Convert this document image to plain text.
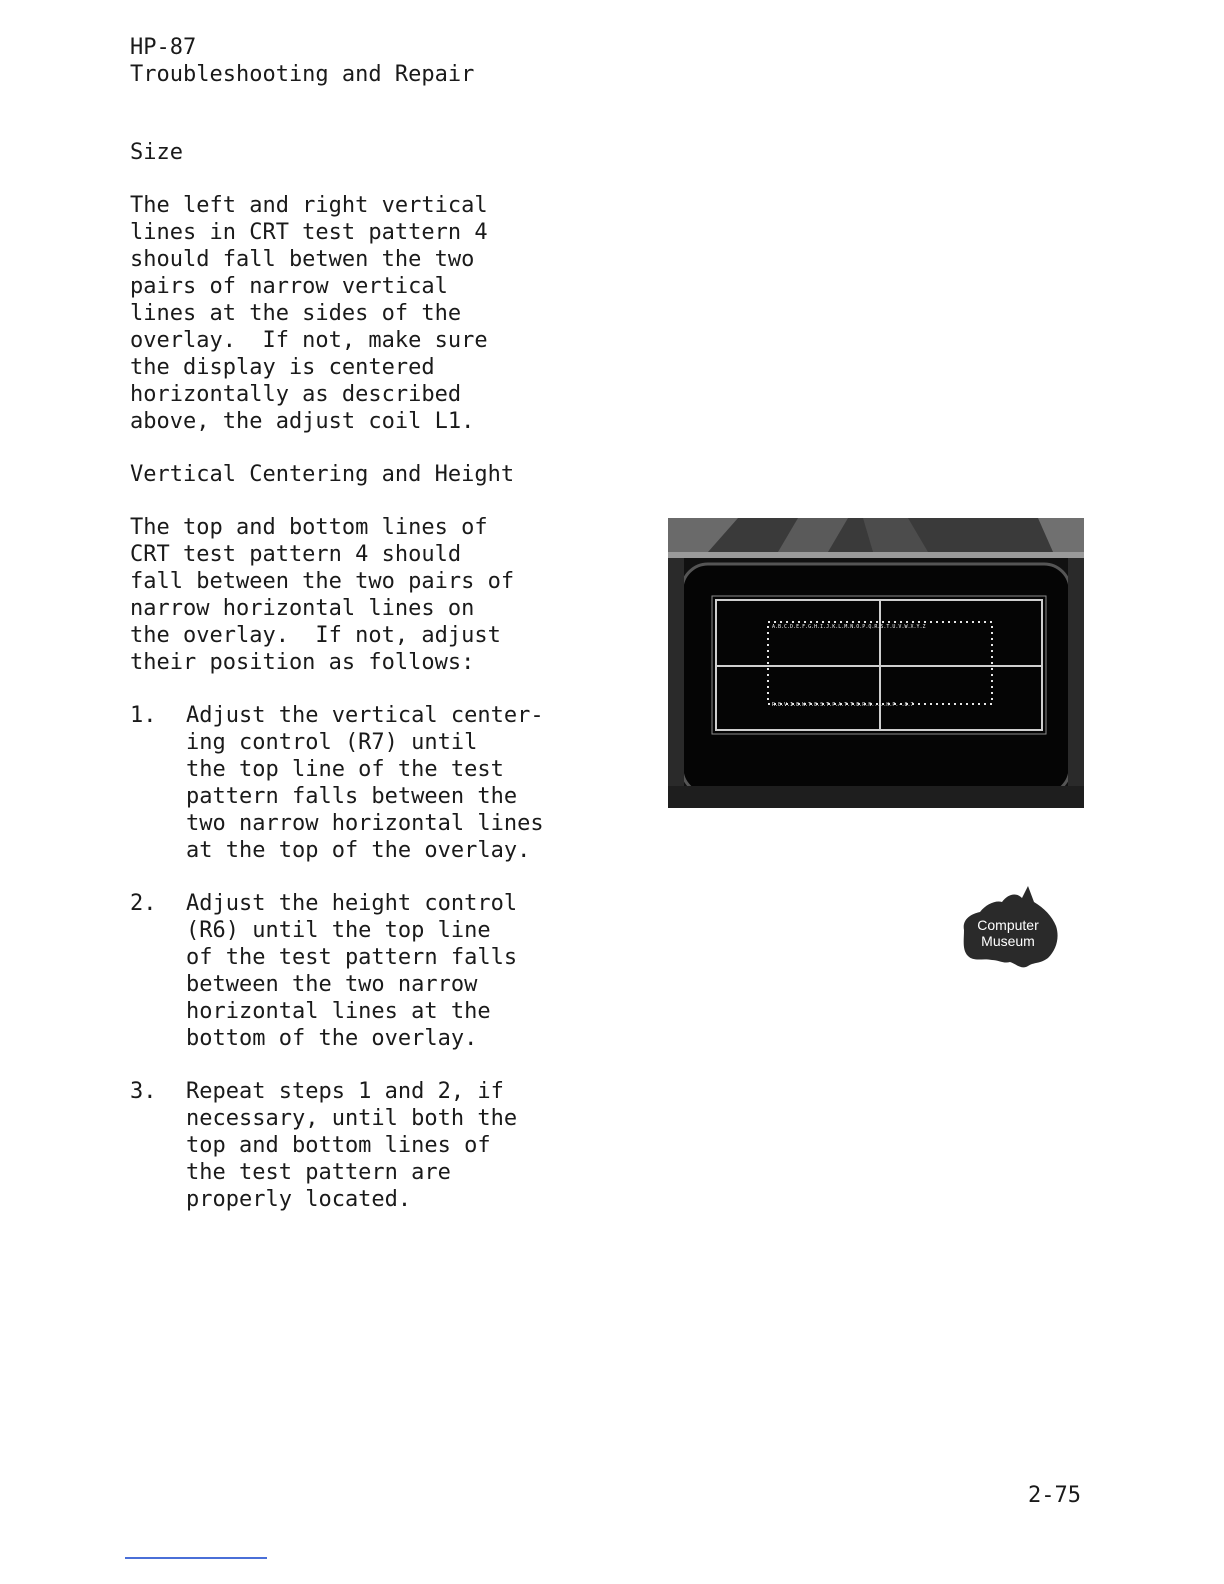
HP-87
Troubleshooting and Repair
Size
The left and right vertical
lines in CRT test pattern 4
should fall betwen the two
pairs of narrow vertical
lines at the sides of the
overlay.  If not, make sure
the display is centered
horizontally as described
above, the adjust coil L1.
Vertical Centering and Height
The top and bottom lines of
CRT test pattern 4 should
fall between the two pairs of
narrow horizontal lines on
the overlay.  If not, adjust
their position as follows:
1. Adjust the vertical center-
ing control (R7) until
the top line of the test
pattern falls between the
two narrow horizontal lines
at the top of the overlay.
2. Adjust the height control
(R6) until the top line
of the test pattern falls
between the two narrow
horizontal lines at the
bottom of the overlay.
3. Repeat steps 1 and 2, if
necessary, until both the
top and bottom lines of
the test pattern are
properly located.
A.B.C.D.E.F.G.H.I.J.K.L.M.N.O.P.Q.R.S.T.U.V.W.X.Y.Z
R.E.V.I.E.W.T.E.S.T.P.A.T.T.E.R.N.....H.P.-.8.7
Computer
Museum
2-75
